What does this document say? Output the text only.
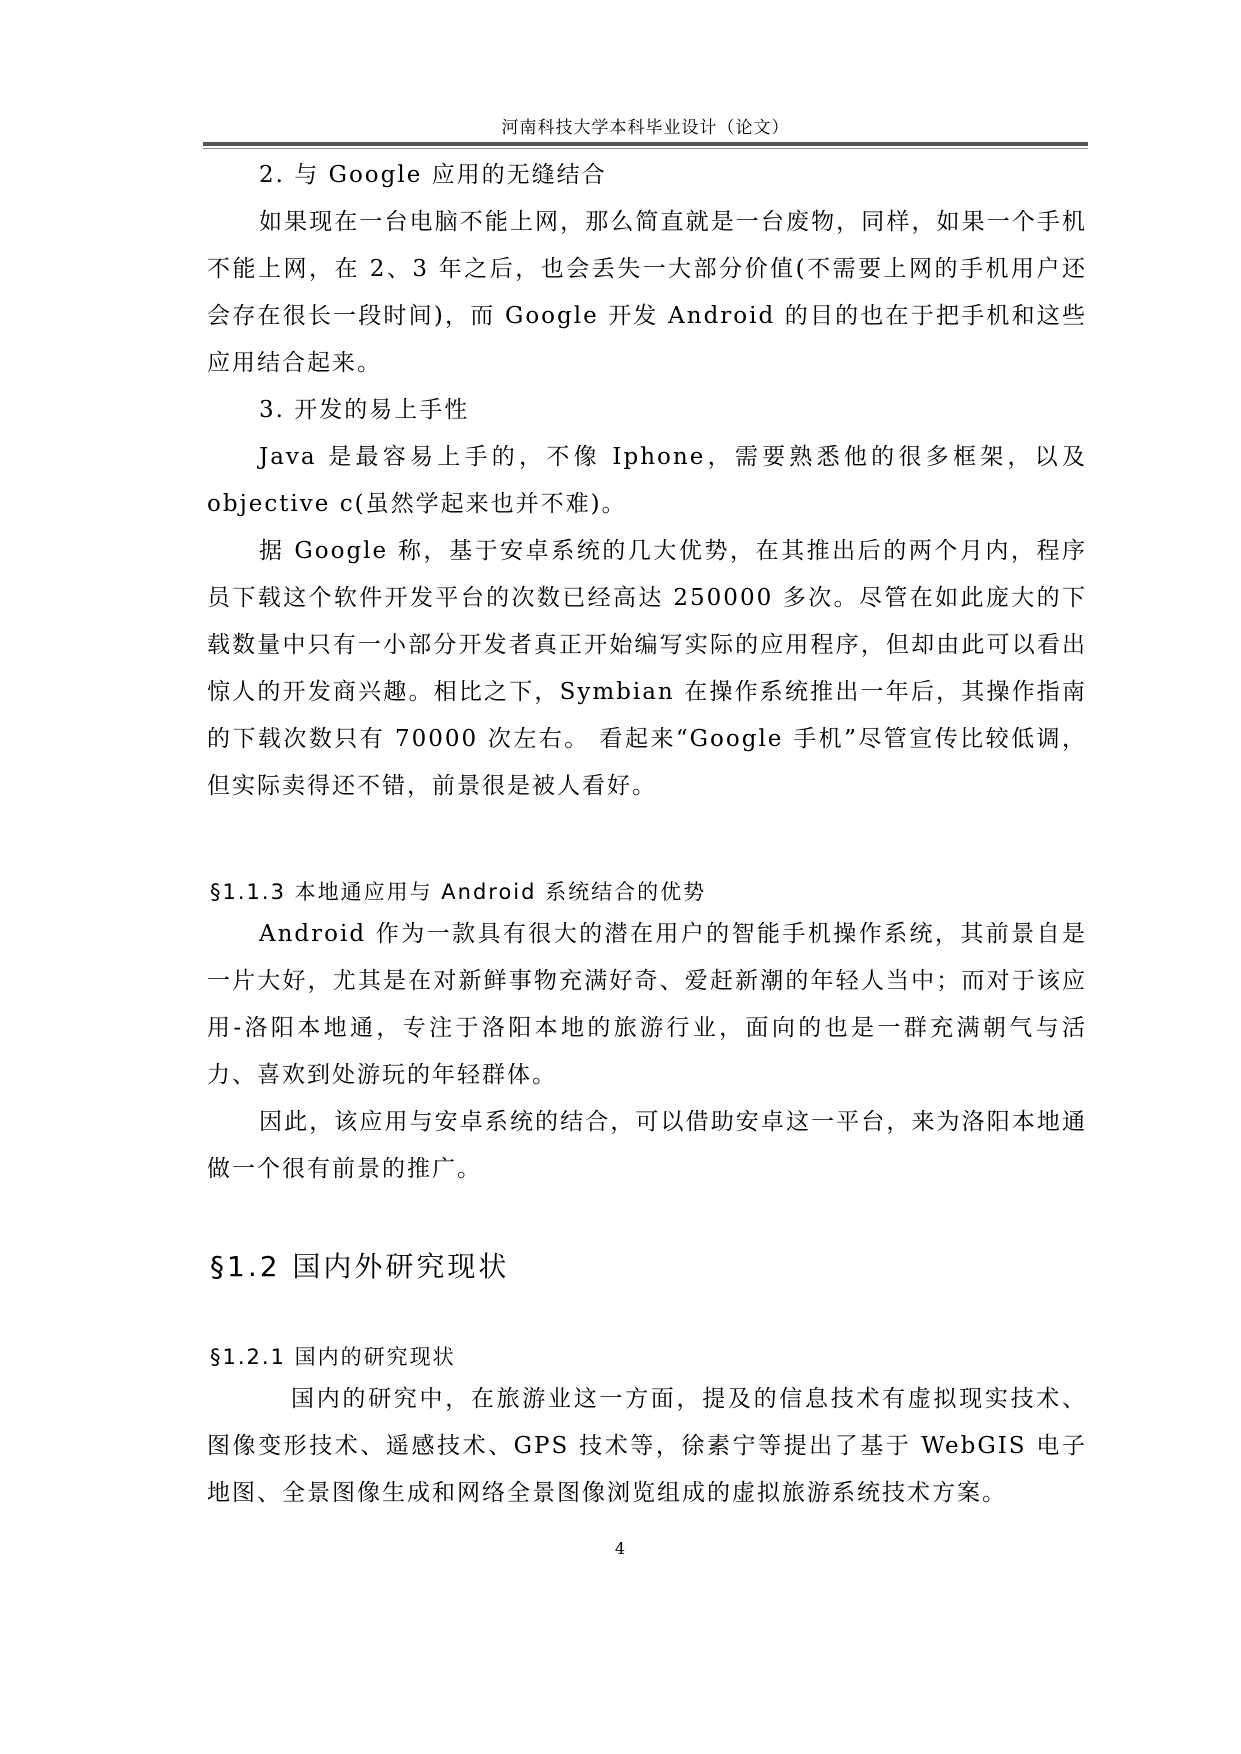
河南科技大学本科毕业设计（论文）

2. 与 Google 应用的无缝结合

如果现在一台电脑不能上网，那么简直就是一台废物，同样，如果一个手机不能上网，在 2、3 年之后，也会丢失一大部分价值(不需要上网的手机用户还会存在很长一段时间)，而 Google 开发 Android 的目的也在于把手机和这些应用结合起来。

3. 开发的易上手性

Java 是最容易上手的，不像 Iphone，需要熟悉他的很多框架，以及 objective c(虽然学起来也并不难)。

据 Google 称，基于安卓系统的几大优势，在其推出后的两个月内，程序员下载这个软件开发平台的次数已经高达 250000 多次。尽管在如此庞大的下载数量中只有一小部分开发者真正开始编写实际的应用程序，但却由此可以看出惊人的开发商兴趣。相比之下，Symbian 在操作系统推出一年后，其操作指南的下载次数只有 70000 次左右。 看起来“Google 手机”尽管宣传比较低调，但实际卖得还不错，前景很是被人看好。

§1.1.3 本地通应用与 Android 系统结合的优势

Android 作为一款具有很大的潜在用户的智能手机操作系统，其前景自是一片大好，尤其是在对新鲜事物充满好奇、爱赶新潮的年轻人当中；而对于该应用-洛阳本地通，专注于洛阳本地的旅游行业，面向的也是一群充满朝气与活力、喜欢到处游玩的年轻群体。

因此，该应用与安卓系统的结合，可以借助安卓这一平台，来为洛阳本地通做一个很有前景的推广。

§1.2 国内外研究现状
§1.2.1 国内的研究现状

国内的研究中，在旅游业这一方面，提及的信息技术有虚拟现实技术、图像变形技术、遥感技术、GPS 技术等，徐素宁等提出了基于 WebGIS 电子地图、全景图像生成和网络全景图像浏览组成的虚拟旅游系统技术方案。

4
